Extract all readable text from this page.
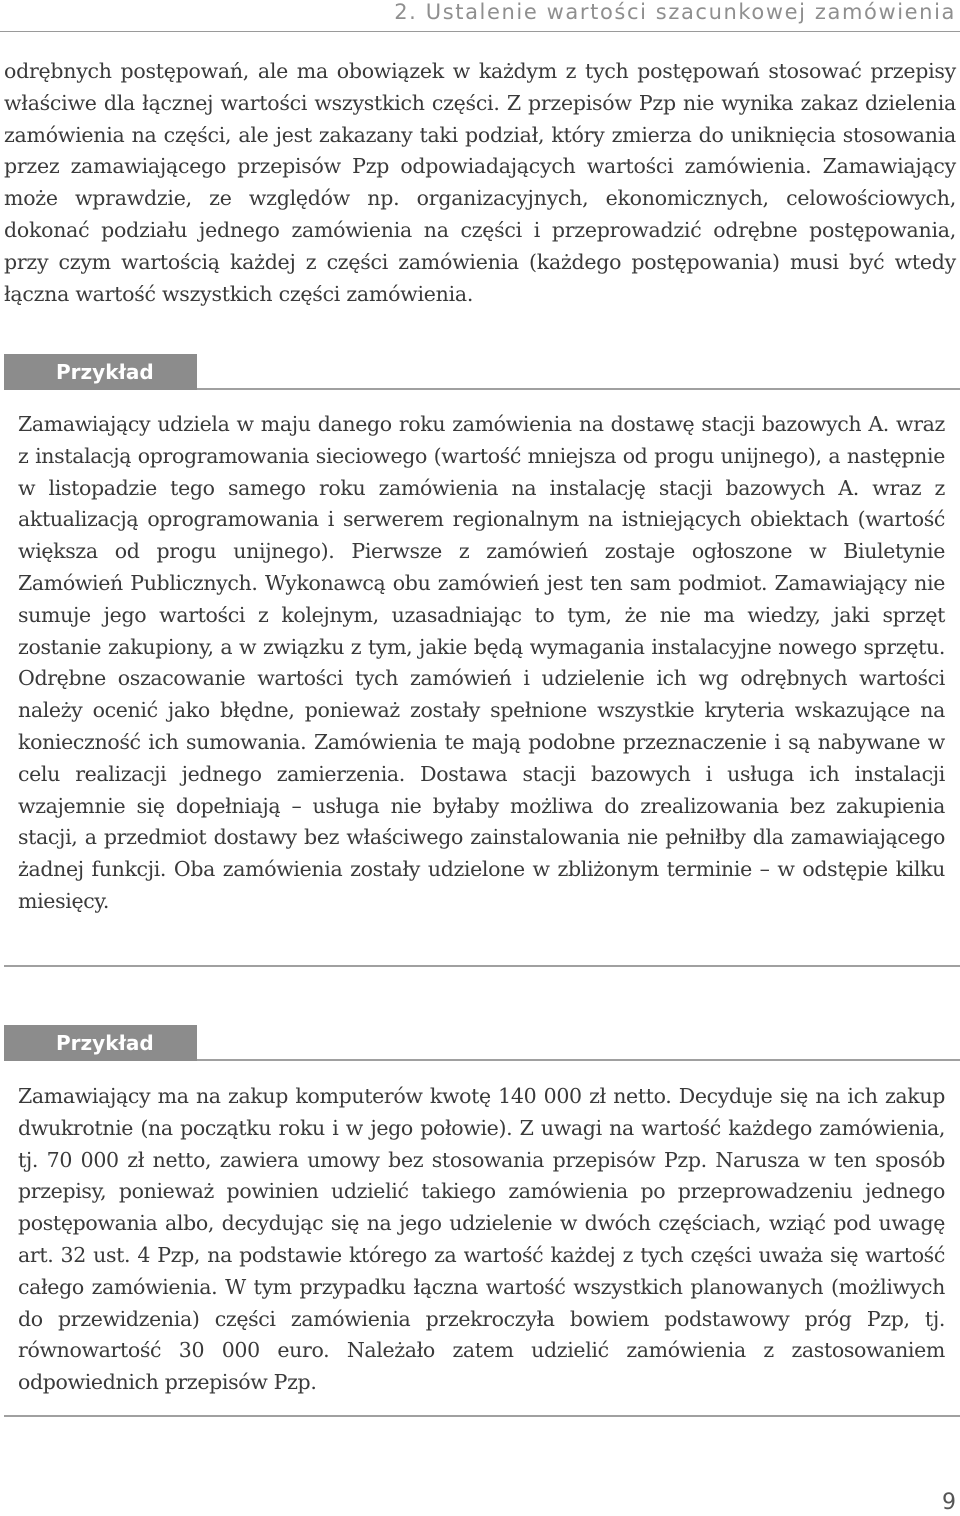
2. Ustalenie wartości szacunkowej zamówienia

odrębnych postępowań, ale ma obowiązek w każdym z tych postępowań stosować przepisy właściwe dla łącznej wartości wszystkich części. Z przepisów Pzp nie wynika zakaz dzielenia zamówienia na części, ale jest zakazany taki podział, który zmierza do uniknięcia stosowania przez zamawiającego przepisów Pzp odpowiadających wartości zamówienia. Zamawiający może wprawdzie, ze względów np. organizacyjnych, ekonomicznych, celowościowych, dokonać podziału jednego zamówienia na części i przeprowadzić odrębne postępowania, przy czym wartością każdej z części zamówienia (każdego postępowania) musi być wtedy łączna wartość wszystkich części zamówienia.

Przykład

Zamawiający udziela w maju danego roku zamówienia na dostawę stacji bazowych A. wraz z instalacją oprogramowania sieciowego (wartość mniejsza od progu unijnego), a następnie w listopadzie tego samego roku zamówienia na instalację stacji bazowych A. wraz z aktualizacją oprogramowania i serwerem regionalnym na istniejących obiektach (wartość większa od progu unijnego). Pierwsze z zamówień zostaje ogłoszone w Biuletynie Zamówień Publicznych. Wykonawcą obu zamówień jest ten sam podmiot. Zamawiający nie sumuje jego wartości z kolejnym, uzasadniając to tym, że nie ma wiedzy, jaki sprzęt zostanie zakupiony, a w związku z tym, jakie będą wymagania instalacyjne nowego sprzętu. Odrębne oszacowanie wartości tych zamówień i udzielenie ich wg odrębnych wartości należy ocenić jako błędne, ponieważ zostały spełnione wszystkie kryteria wskazujące na konieczność ich sumowania. Zamówienia te mają podobne przeznaczenie i są nabywane w celu realizacji jednego zamierzenia. Dostawa stacji bazowych i usługa ich instalacji wzajemnie się dopełniają – usługa nie byłaby możliwa do zrealizowania bez zakupienia stacji, a przedmiot dostawy bez właściwego zainstalowania nie pełniłby dla zamawiającego żadnej funkcji. Oba zamówienia zostały udzielone w zbliżonym terminie – w odstępie kilku miesięcy.

Przykład

Zamawiający ma na zakup komputerów kwotę 140 000 zł netto. Decyduje się na ich zakup dwukrotnie (na początku roku i w jego połowie). Z uwagi na wartość każdego zamówienia, tj. 70 000 zł netto, zawiera umowy bez stosowania przepisów Pzp. Narusza w ten sposób przepisy, ponieważ powinien udzielić takiego zamówienia po przeprowadzeniu jednego postępowania albo, decydując się na jego udzielenie w dwóch częściach, wziąć pod uwagę art. 32 ust. 4 Pzp, na podstawie którego za wartość każdej z tych części uważa się wartość całego zamówienia. W tym przypadku łączna wartość wszystkich planowanych (możliwych do przewidzenia) części zamówienia przekroczyła bowiem podstawowy próg Pzp, tj. równowartość 30 000 euro. Należało zatem udzielić zamówienia z zastosowaniem odpowiednich przepisów Pzp.

9
